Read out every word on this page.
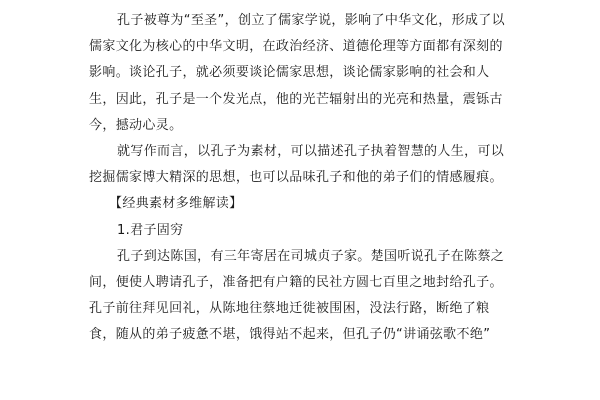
孔子被尊为“至圣”，创立了儒家学说，影响了中华文化，形成了以
儒家文化为核心的中华文明，在政治经济、道德伦理等方面都有深刻的
影响。谈论孔子，就必须要谈论儒家思想，谈论儒家影响的社会和人
生，因此，孔子是一个发光点，他的光芒辐射出的光亮和热量，震铄古
今，撼动心灵。
就写作而言，以孔子为素材，可以描述孔子执着智慧的人生，可以
挖掘儒家博大精深的思想，也可以品味孔子和他的弟子们的情感履痕。
【经典素材多维解读】
1.君子固穷
孔子到达陈国，有三年寄居在司城贞子家。楚国听说孔子在陈蔡之
间，便使人聘请孔子，准备把有户籍的民社方圆七百里之地封给孔子。
孔子前往拜见回礼，从陈地往蔡地迁徙被围困，没法行路，断绝了粮
食，随从的弟子疲惫不堪，饿得站不起来，但孔子仍“讲诵弦歌不绝”
